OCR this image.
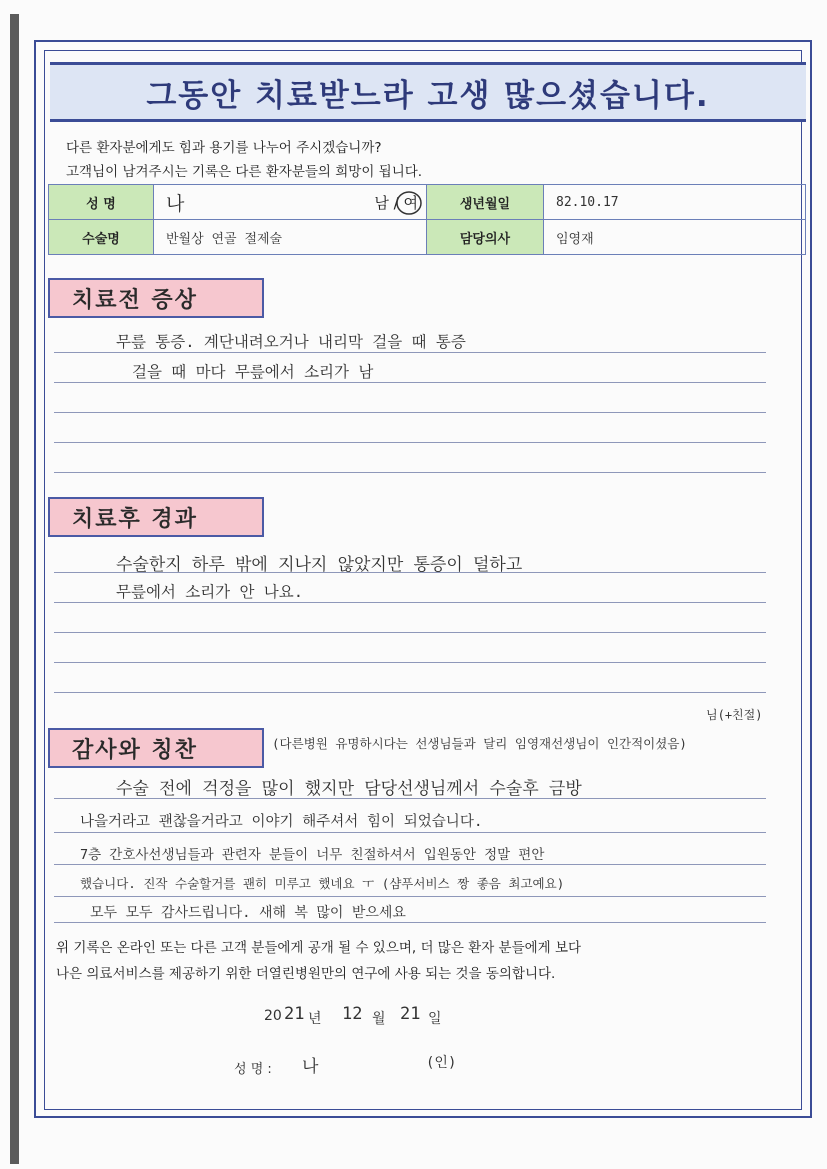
그동안 치료받느라 고생 많으셨습니다.
다른 환자분에게도 힘과 용기를 나누어 주시겠습니까?
고객님이 남겨주시는 기록은 다른 환자분들의 희망이 됩니다.
성 명	나 남 / 여	생년월일	82.10.17
수술명	반월상 연골 절제술	담당의사	임영재
치료전 증상
무릎 통증. 계단내려오거나 내리막 걸을 때 통증
걸을 때 마다 무릎에서 소리가 남
치료후 경과
수술한지 하루 밖에 지나지 않았지만 통증이 덜하고
무릎에서 소리가 안 나요.
감사와 칭찬
님(+친절)
(다른병원 유명하시다는 선생님들과 달리 임영재선생님이 인간적이셨음)
수술 전에 걱정을 많이 했지만 담당선생님께서 수술후 금방
나을거라고 괜찮을거라고 이야기 해주셔서 힘이 되었습니다.
7층 간호사선생님들과 관련자 분들이 너무 친절하셔서 입원동안 정말 편안
했습니다. 진작 수술할거를 괜히 미루고 했네요 ㅜ (샴푸서비스 짱 좋음 최고예요)
모두 모두 감사드립니다. 새해 복 많이 받으세요
위 기록은 온라인 또는 다른 고객 분들에게 공개 될 수 있으며, 더 많은 환자 분들에게 보다
나은 의료서비스를 제공하기 위한 더열린병원만의 연구에 사용 되는 것을 동의합니다.
20 21 년 12 월 21 일
성 명 : 나	(인)
